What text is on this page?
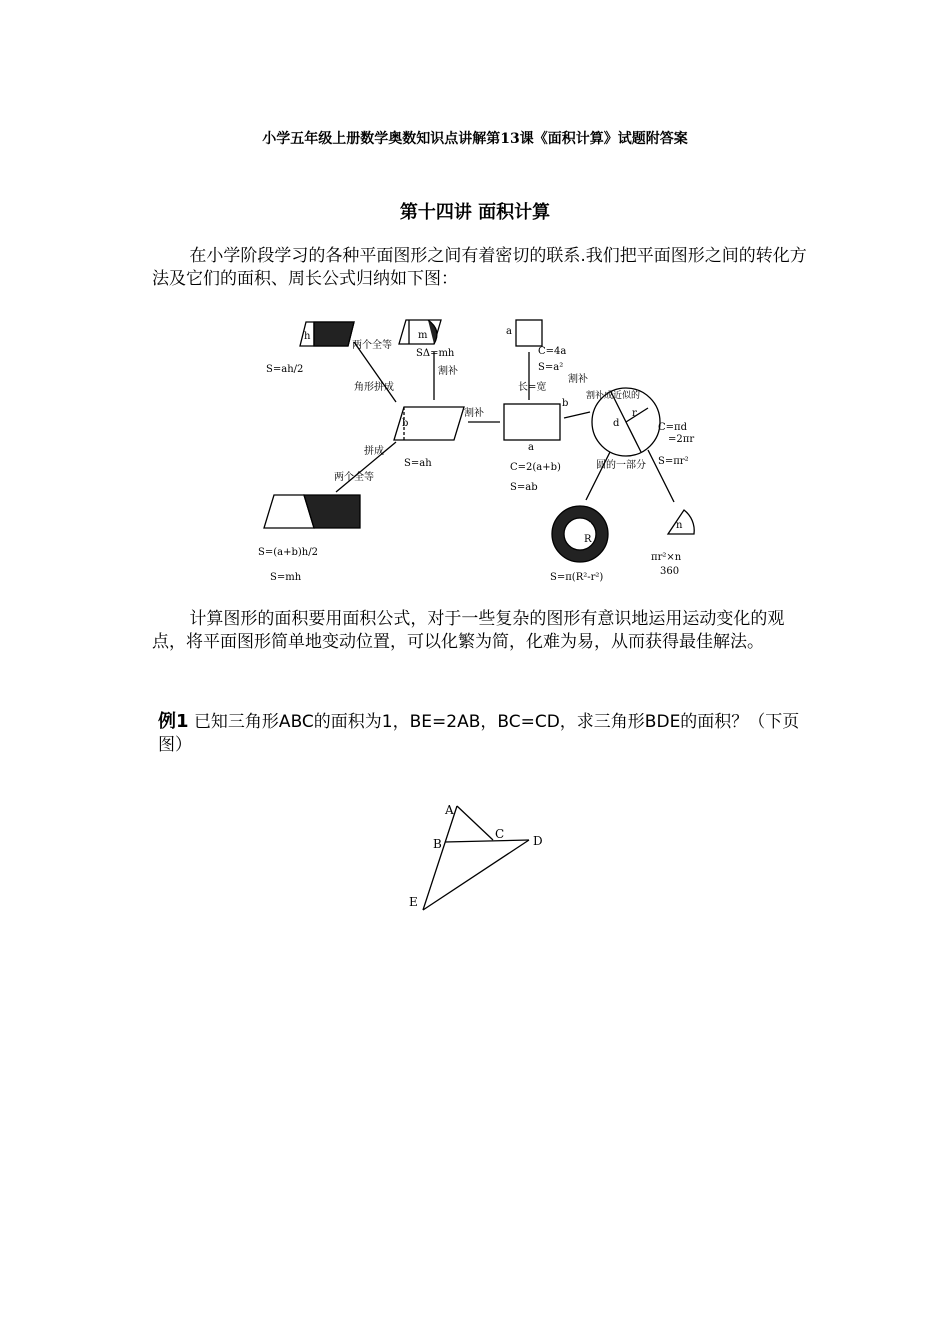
小学五年级上册数学奥数知识点讲解第13课《面积计算》试题附答案
第十四讲 面积计算
在小学阶段学习的各种平面图形之间有着密切的联系.我们把平面图形之间的转化方法及它们的面积、周长公式归纳如下图：
S=ah/2
SΔ=mh
S=ah
S=(a+b)h/2
S=mh
C=4a
S=a²
长=宽
C=2(a+b)
S=ab
C=πd
=2πr
S=πr²
S=π(R²-r²)
πr²×n
360
割补
割补
割补
圆的一部分
两个全等
两个全等
角形拼成
拼成
割补成近似的
a
a
b
b
h
d
r
R
r
m
n
计算图形的面积要用面积公式，对于一些复杂的图形有意识地运用运动变化的观点，将平面图形简单地变动位置，可以化繁为简，化难为易，从而获得最佳解法。
例1 已知三角形ABC的面积为1，BE=2AB，BC=CD，求三角形BDE的面积？（下页图）
A
B
C D
E
